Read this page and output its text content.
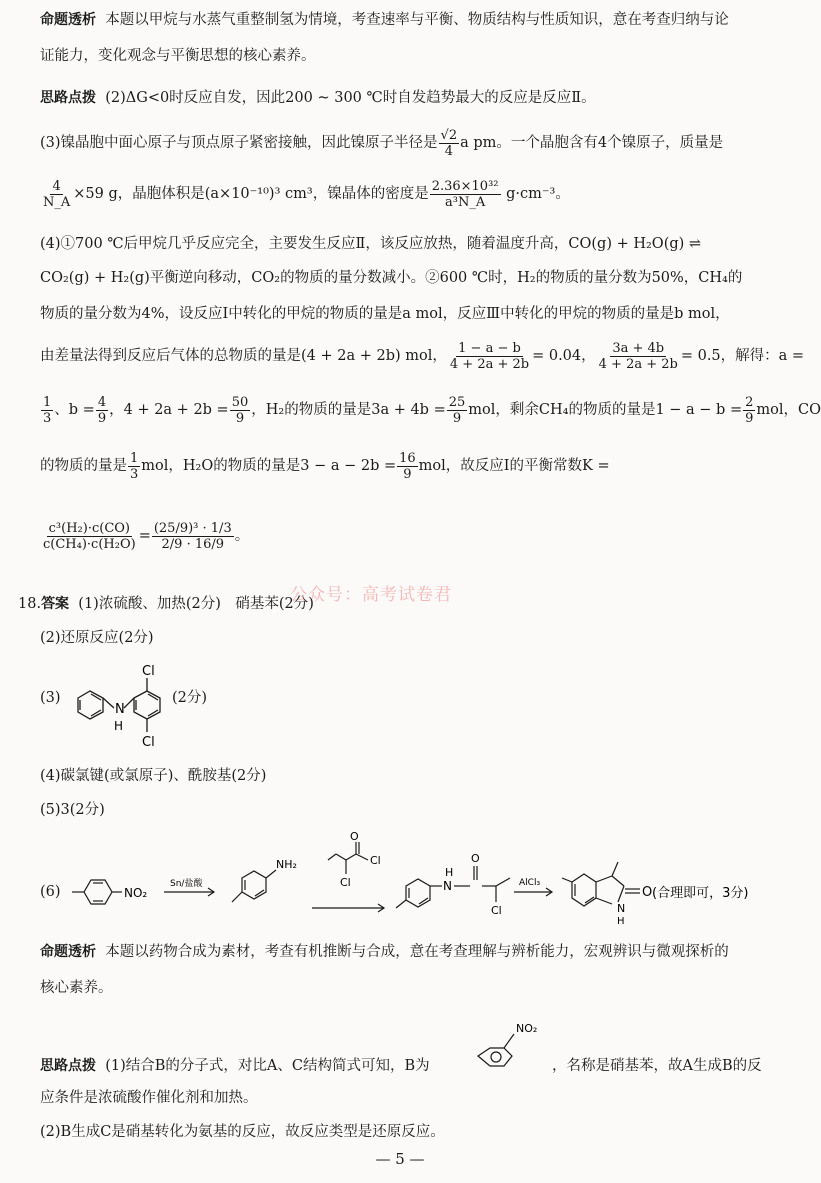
命题透析 本题以甲烷与水蒸气重整制氢为情境，考查速率与平衡、物质结构与性质知识，意在考查归纳与论
证能力，变化观念与平衡思想的核心素养。
思路点拨 (2)ΔG<0时反应自发，因此200 ~ 300 ℃时自发趋势最大的反应是反应Ⅱ。
(3)镍晶胞中面心原子与顶点原子紧密接触，因此镍原子半径是 $\frac{√2}{4}$ a pm。一个晶胞含有4个镍原子，质量是
$\frac{4}{N\_A} \times 59$ g，晶胞体积是(a×10⁻¹⁰)³ cm³，镍晶体的密度是 $\frac{\text{2.36×10³²}}{\text{a³N\_A}} g\cdot cm^{-3}$。
(4)①700 ℃后甲烷几乎反应完全，主要发生反应Ⅱ，该反应放热，随着温度升高，CO(g) + H₂O(g) ⇌
CO₂(g) + H₂(g)平衡逆向移动，CO₂的物质的量分数减小。②600 ℃时，H₂的物质的量分数为50%，CH₄的
物质的量分数为4%，设反应Ⅰ中转化的甲烷的物质的量是a mol，反应Ⅲ中转化的甲烷的物质的量是b mol，
由差量法得到反应后气体的总物质的量是(4 + 2a + 2b) mol， $\frac{1 - a - b}{4 + 2a + 2b} = 0.04$， $\frac{3a + 4b}{4 + 2a + 2b} = 0.5$，解得：a =
$\frac{1}{3}$ 、$b = \frac{4}{9}$ ，$4 + 2a + 2b = \frac{50}{9}$ ，H₂的物质的量是$3a + 4b = \frac{25}{9}$ mol，剩余CH₄的物质的量是$1 - a - b = \frac{2}{9}$ mol，CO
的物质的量是 $\frac{1}{3}$ mol，H₂O的物质的量是$3 - a - 2b = \frac{16}{9}$ mol，故反应Ⅰ的平衡常数K =
$\frac{\text{c³(H₂)·c(CO)}}{\text{c(CH₄)·c(H₂O)}} = \frac{\text{(25/9)³ · 1/3}}{2/9 \cdot 16/9}$ 。
公众号：高考试卷君
18.答案 (1)浓硫酸、加热(2分)　硝基苯(2分)
(2)还原反应(2分)
(3)
Cl
N
H
Cl
(2分)
(4)碳氯键(或氯原子)、酰胺基(2分)
(5)3(2分)
(6)	NO₂
Sn/盐酸
NH₂
O
Cl
Cl
H
N
O
Cl
AlCl₃
O
N
H
(合理即可，3分)
命题透析 本题以药物合成为素材，考查有机推断与合成，意在考查理解与辨析能力，宏观辨识与微观探析的
核心素养。
思路点拨 (1)结合B的分子式，对比A、C结构简式可知，B为
NO₂
，名称是硝基苯，故A生成B的反
应条件是浓硫酸作催化剂和加热。
(2)B生成C是硝基转化为氨基的反应，故反应类型是还原反应。
— 5 —
